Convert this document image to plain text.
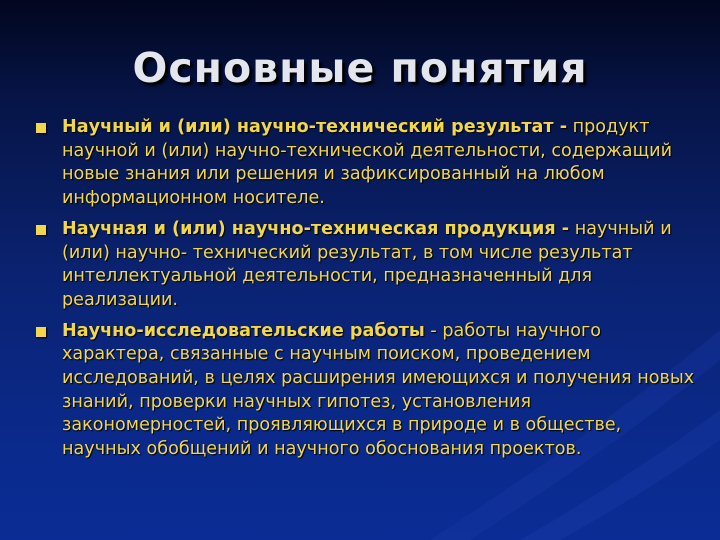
Основные понятия
Научный и (или) научно-технический результат - продукт научной и (или) научно-технической деятельности, содержащий новые знания или решения и зафиксированный на любом информационном носителе.
Научная и (или) научно-техническая продукция - научный и (или) научно- технический результат, в том числе результат интеллектуальной деятельности, предназначенный для реализации.
Научно-исследовательские работы - работы научного характера, связанные с научным поиском, проведением исследований, в целях расширения имеющихся и получения новых знаний, проверки научных гипотез, установления закономерностей, проявляющихся в природе и в обществе, научных обобщений и научного обоснования проектов.
